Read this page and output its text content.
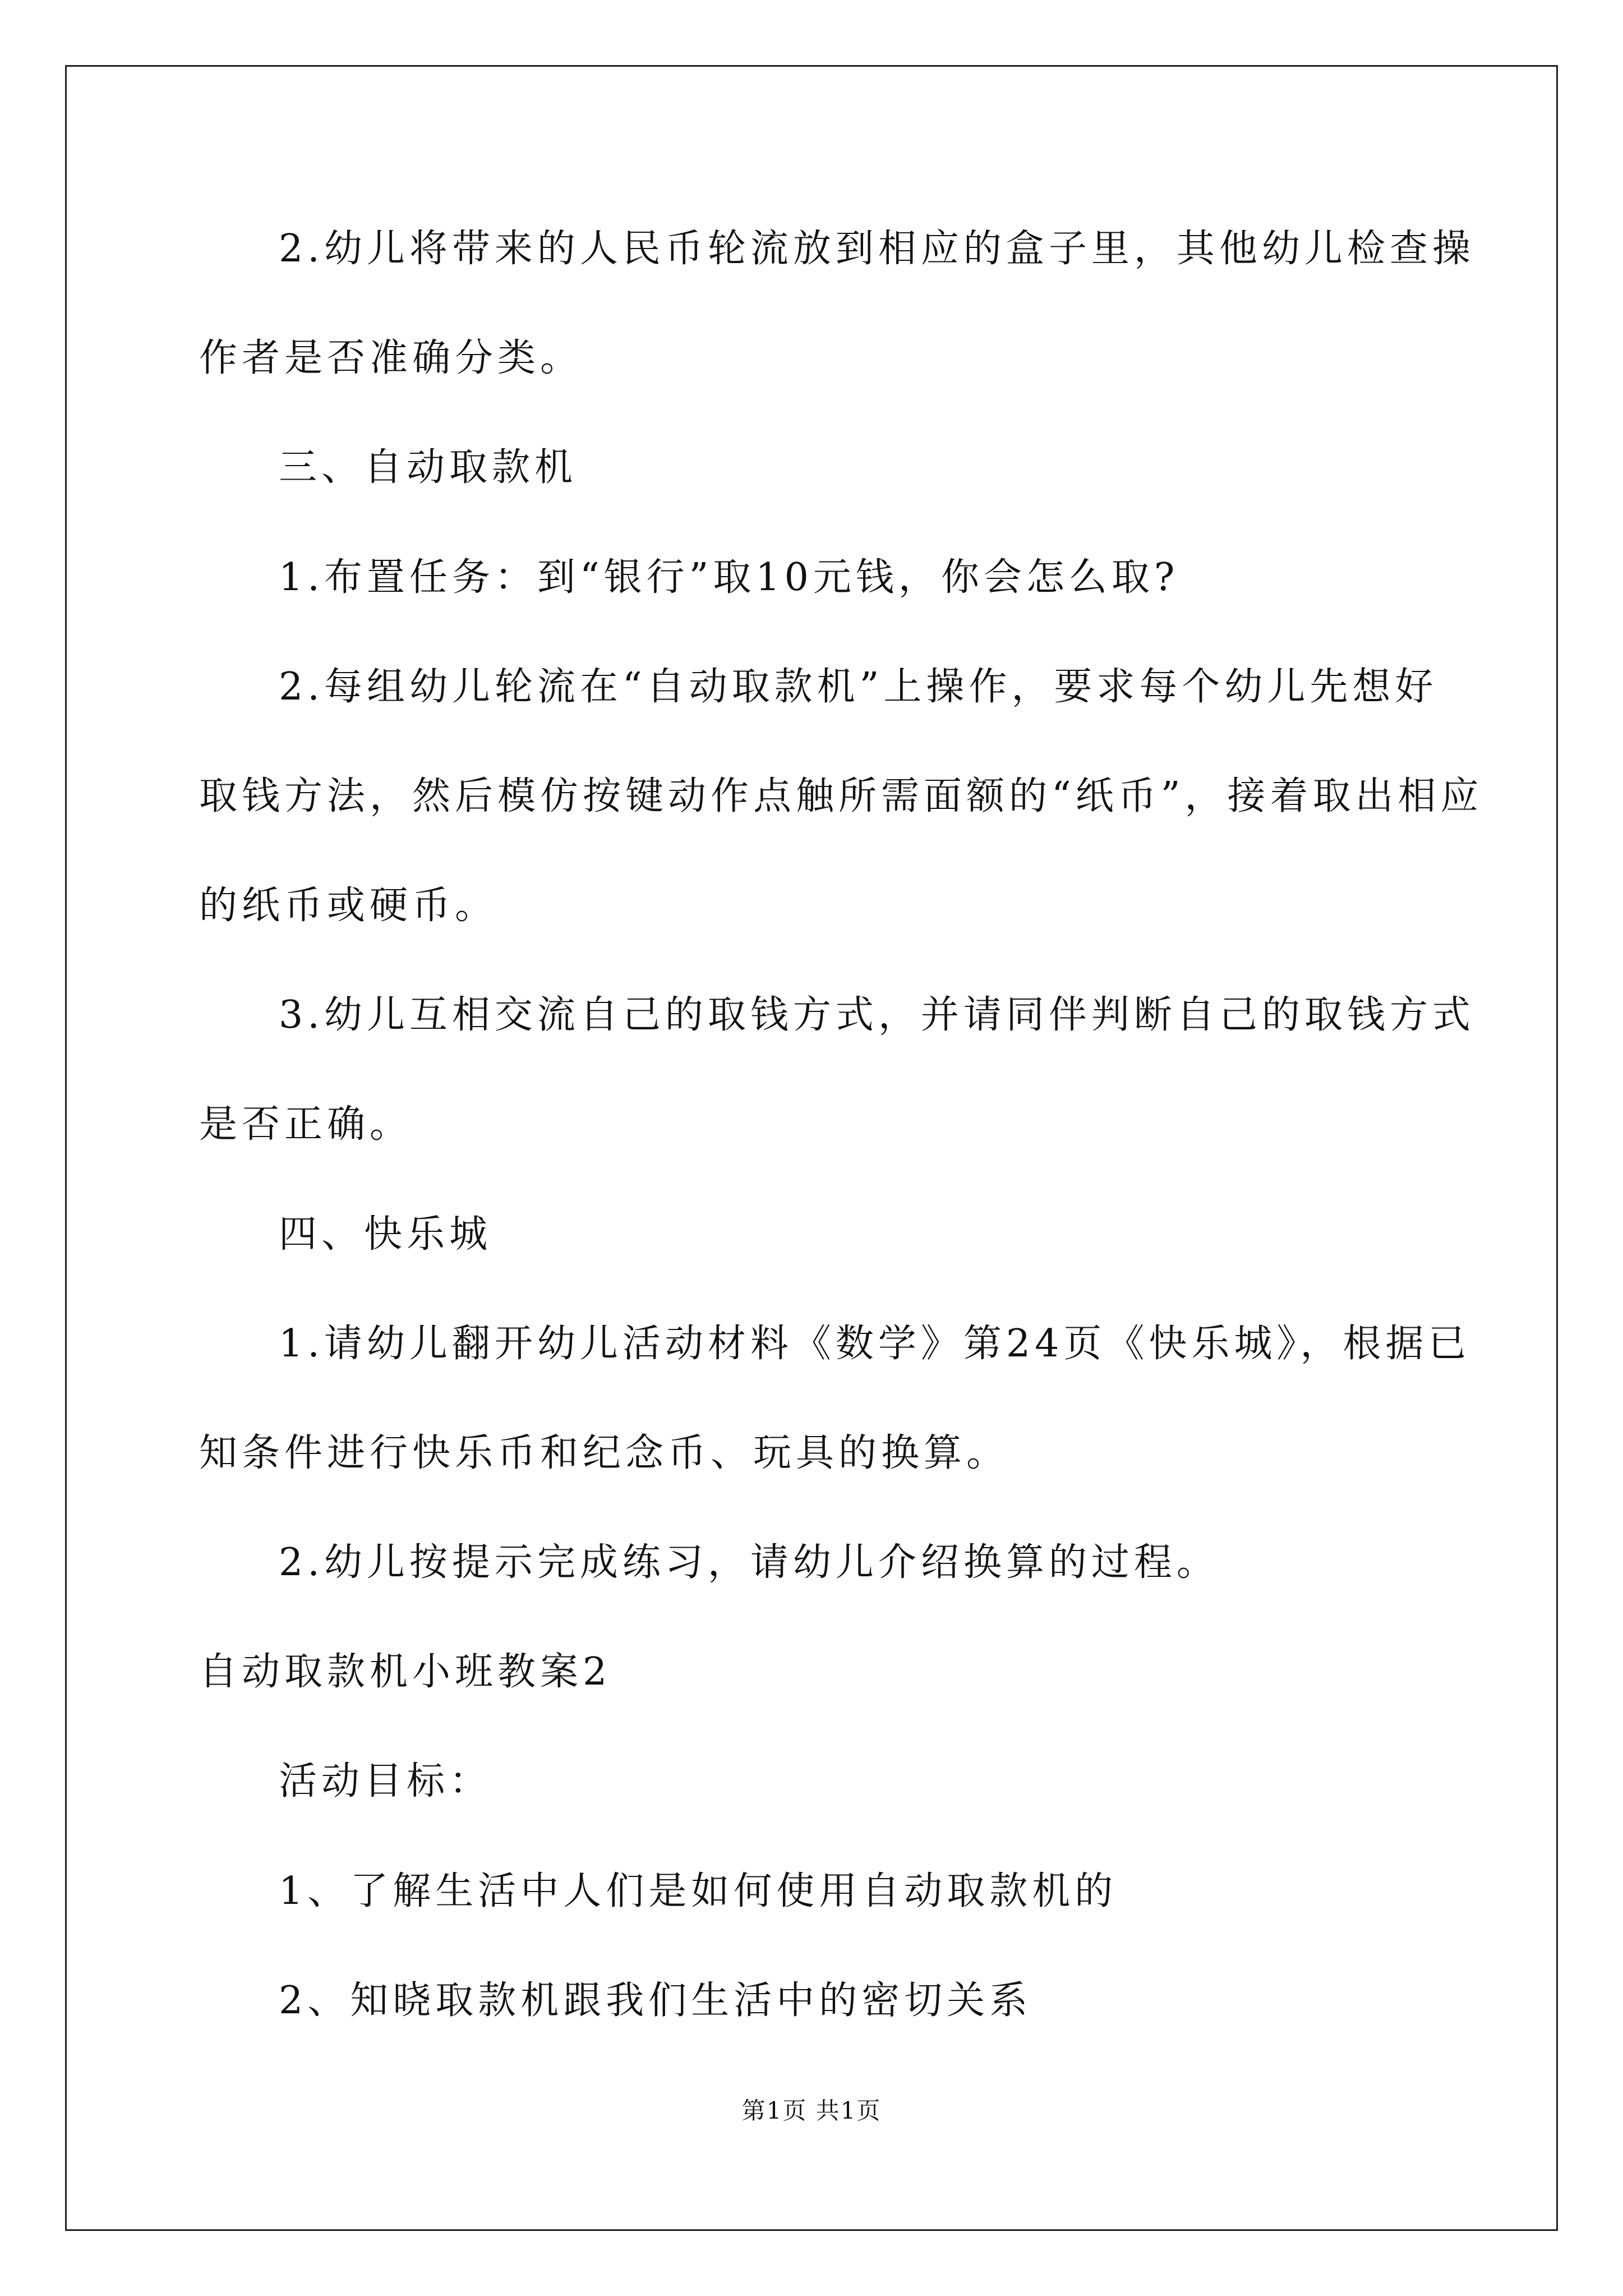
2.幼儿将带来的人民币轮流放到相应的盒子里，其他幼儿检查操
作者是否准确分类。
三、自动取款机
1.布置任务：到“银行”取10元钱，你会怎么取?
2.每组幼儿轮流在“自动取款机”上操作，要求每个幼儿先想好
取钱方法，然后模仿按键动作点触所需面额的“纸币”，接着取出相应
的纸币或硬币。
3.幼儿互相交流自己的取钱方式，并请同伴判断自己的取钱方式
是否正确。
四、快乐城
1.请幼儿翻开幼儿活动材料《数学》第24页《快乐城》，根据已
知条件进行快乐币和纪念币、玩具的换算。
2.幼儿按提示完成练习，请幼儿介绍换算的过程。
自动取款机小班教案2
活动目标：
1、了解生活中人们是如何使用自动取款机的
2、知晓取款机跟我们生活中的密切关系
第1页 共1页
